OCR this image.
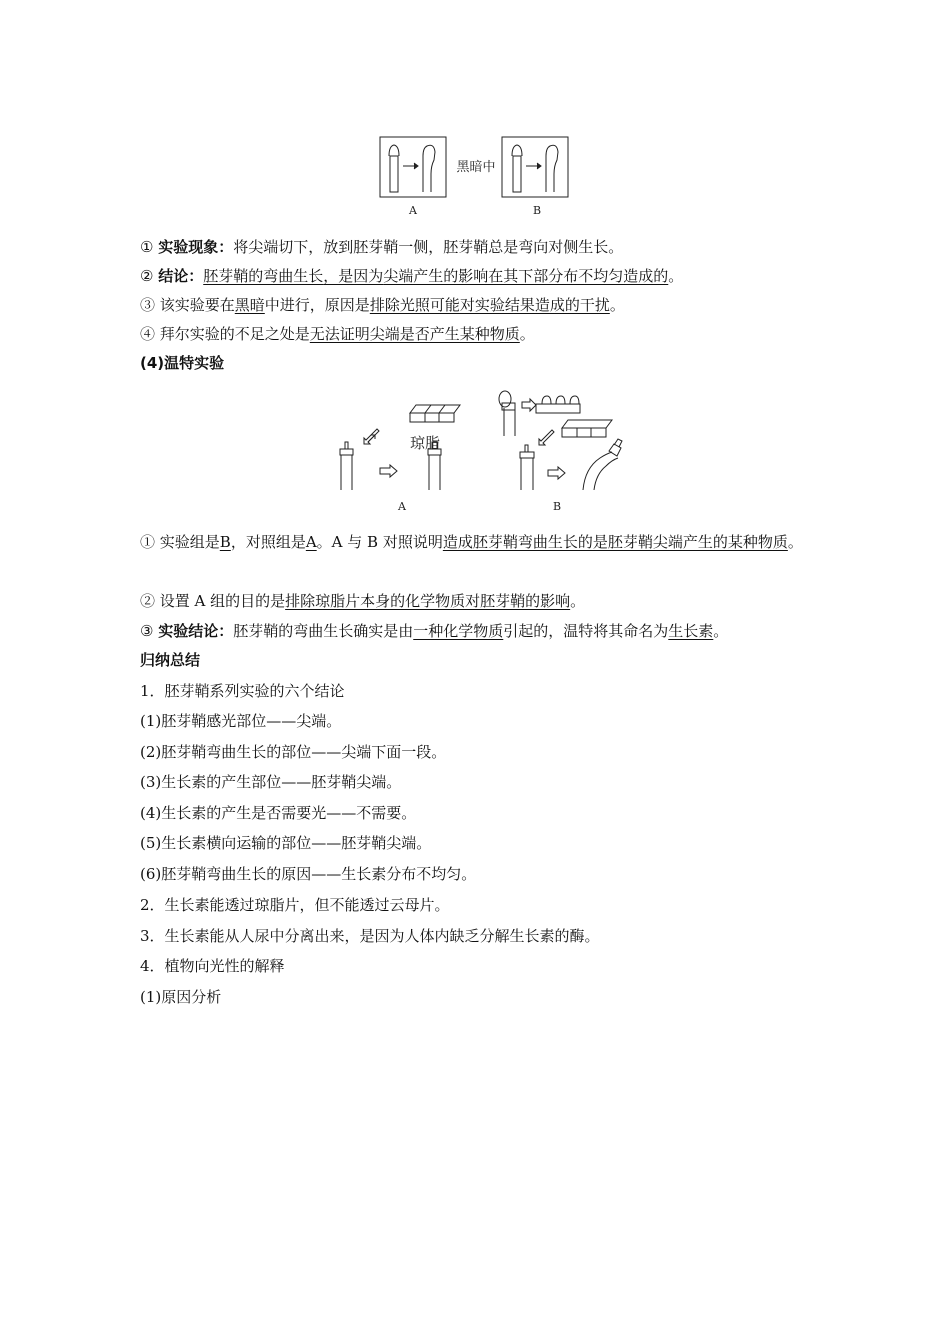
A
黑暗中
B
① 实验现象：将尖端切下，放到胚芽鞘一侧，胚芽鞘总是弯向对侧生长。
② 结论：胚芽鞘的弯曲生长，是因为尖端产生的影响在其下部分布不均匀造成的。
③ 该实验要在黑暗中进行，原因是排除光照可能对实验结果造成的干扰。
④ 拜尔实验的不足之处是无法证明尖端是否产生某种物质。
(4)温特实验
琼脂
A	B
① 实验组是B，对照组是A。A 与 B 对照说明造成胚芽鞘弯曲生长的是胚芽鞘尖端产生的某种物质。
② 设置 A 组的目的是排除琼脂片本身的化学物质对胚芽鞘的影响。
③ 实验结论：胚芽鞘的弯曲生长确实是由一种化学物质引起的，温特将其命名为生长素。
归纳总结
1．胚芽鞘系列实验的六个结论
(1)胚芽鞘感光部位——尖端。
(2)胚芽鞘弯曲生长的部位——尖端下面一段。
(3)生长素的产生部位——胚芽鞘尖端。
(4)生长素的产生是否需要光——不需要。
(5)生长素横向运输的部位——胚芽鞘尖端。
(6)胚芽鞘弯曲生长的原因——生长素分布不均匀。
2．生长素能透过琼脂片，但不能透过云母片。
3．生长素能从人尿中分离出来，是因为人体内缺乏分解生长素的酶。
4．植物向光性的解释
(1)原因分析
